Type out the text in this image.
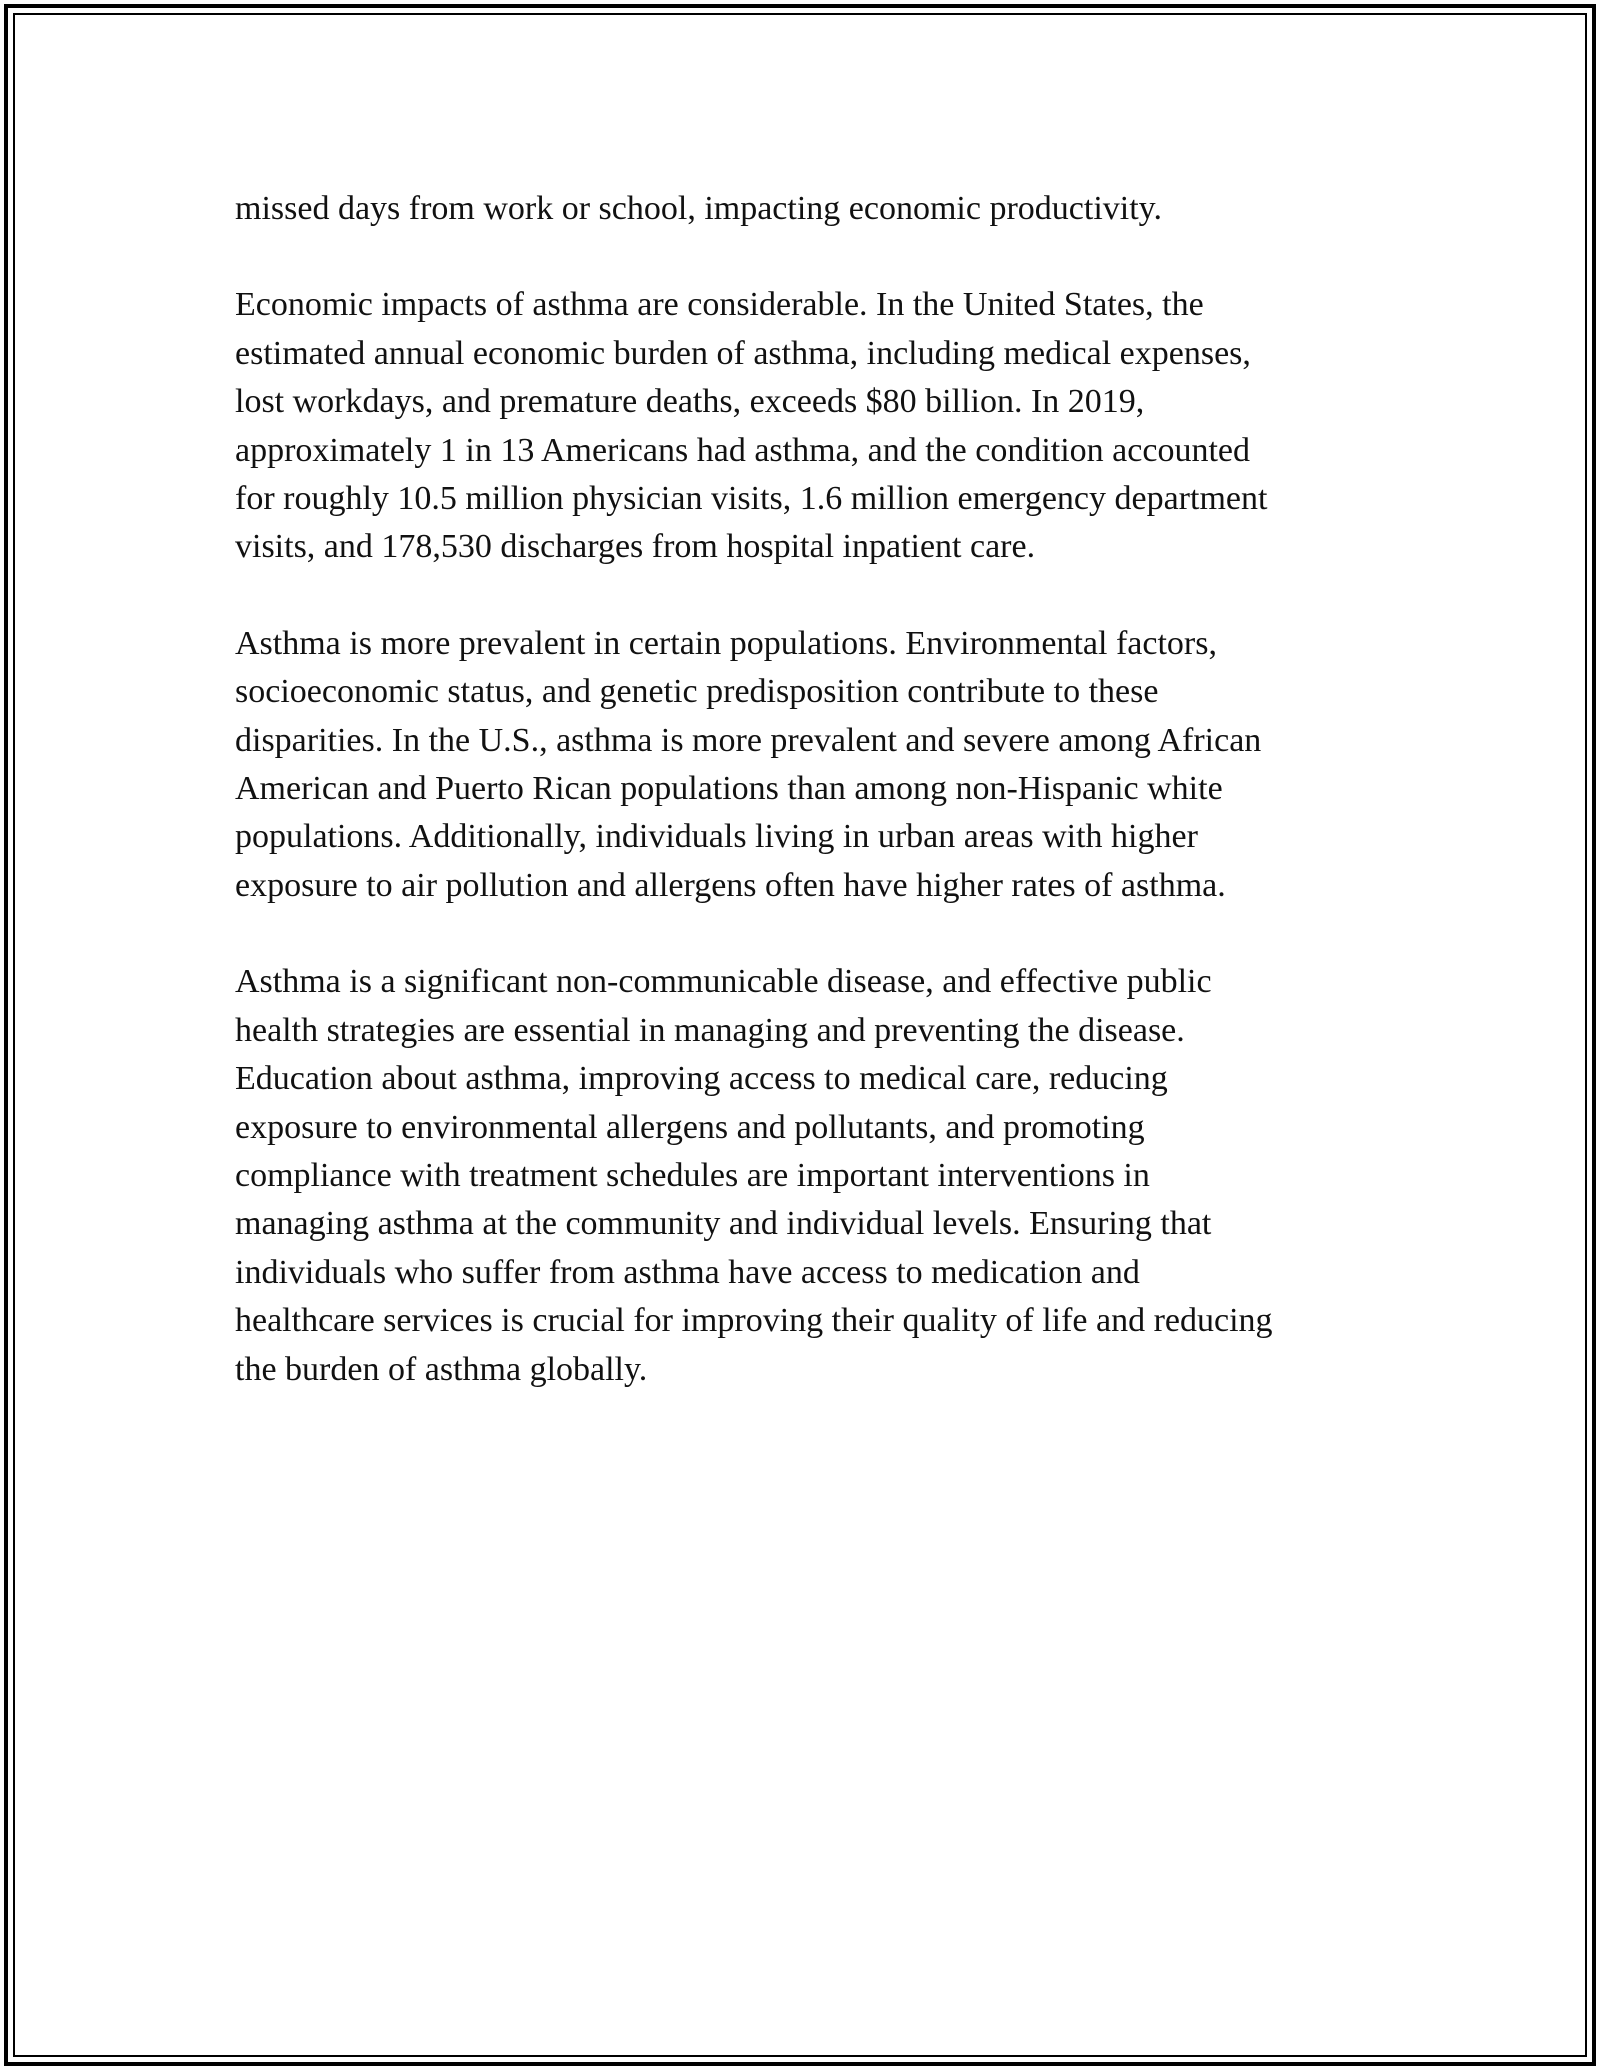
missed days from work or school, impacting economic productivity.

Economic impacts of asthma are considerable. In the United States, the
estimated annual economic burden of asthma, including medical expenses,
lost workdays, and premature deaths, exceeds $80 billion. In 2019,
approximately 1 in 13 Americans had asthma, and the condition accounted
for roughly 10.5 million physician visits, 1.6 million emergency department
visits, and 178,530 discharges from hospital inpatient care.

Asthma is more prevalent in certain populations. Environmental factors,
socioeconomic status, and genetic predisposition contribute to these
disparities. In the U.S., asthma is more prevalent and severe among African
American and Puerto Rican populations than among non-Hispanic white
populations. Additionally, individuals living in urban areas with higher
exposure to air pollution and allergens often have higher rates of asthma.

Asthma is a significant non-communicable disease, and effective public
health strategies are essential in managing and preventing the disease.
Education about asthma, improving access to medical care, reducing
exposure to environmental allergens and pollutants, and promoting
compliance with treatment schedules are important interventions in
managing asthma at the community and individual levels. Ensuring that
individuals who suffer from asthma have access to medication and
healthcare services is crucial for improving their quality of life and reducing
the burden of asthma globally.
